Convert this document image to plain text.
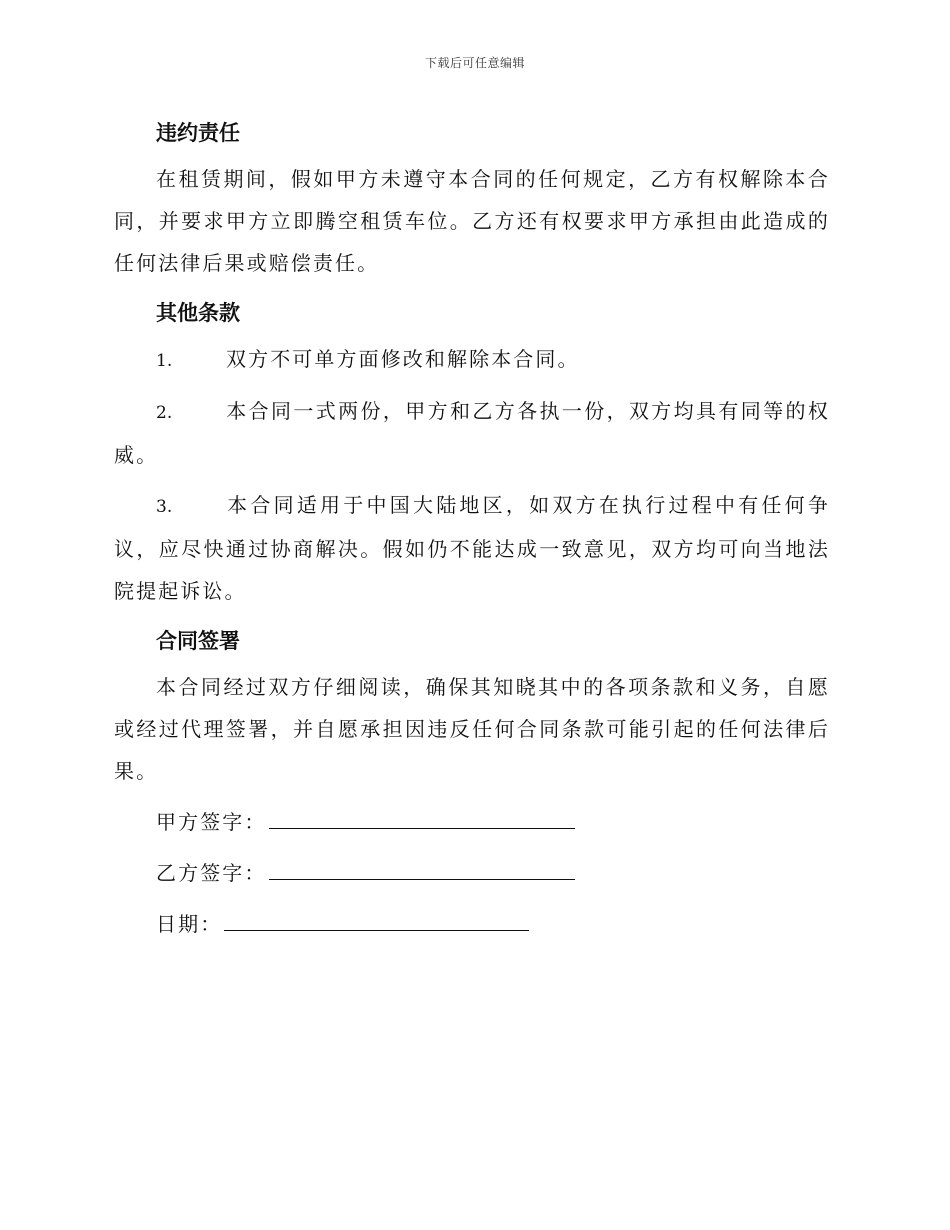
下载后可任意编辑
违约责任

在租赁期间，假如甲方未遵守本合同的任何规定，乙方有权解除本合同，并要求甲方立即腾空租赁车位。乙方还有权要求甲方承担由此造成的任何法律后果或赔偿责任。

其他条款

1.	双方不可单方面修改和解除本合同。

2.	本合同一式两份，甲方和乙方各执一份，双方均具有同等的权威。

3.	本合同适用于中国大陆地区，如双方在执行过程中有任何争议，应尽快通过协商解决。假如仍不能达成一致意见，双方均可向当地法院提起诉讼。

合同签署

本合同经过双方仔细阅读，确保其知晓其中的各项条款和义务，自愿或经过代理签署，并自愿承担因违反任何合同条款可能引起的任何法律后果。

甲方签字：
乙方签字：
日期：
